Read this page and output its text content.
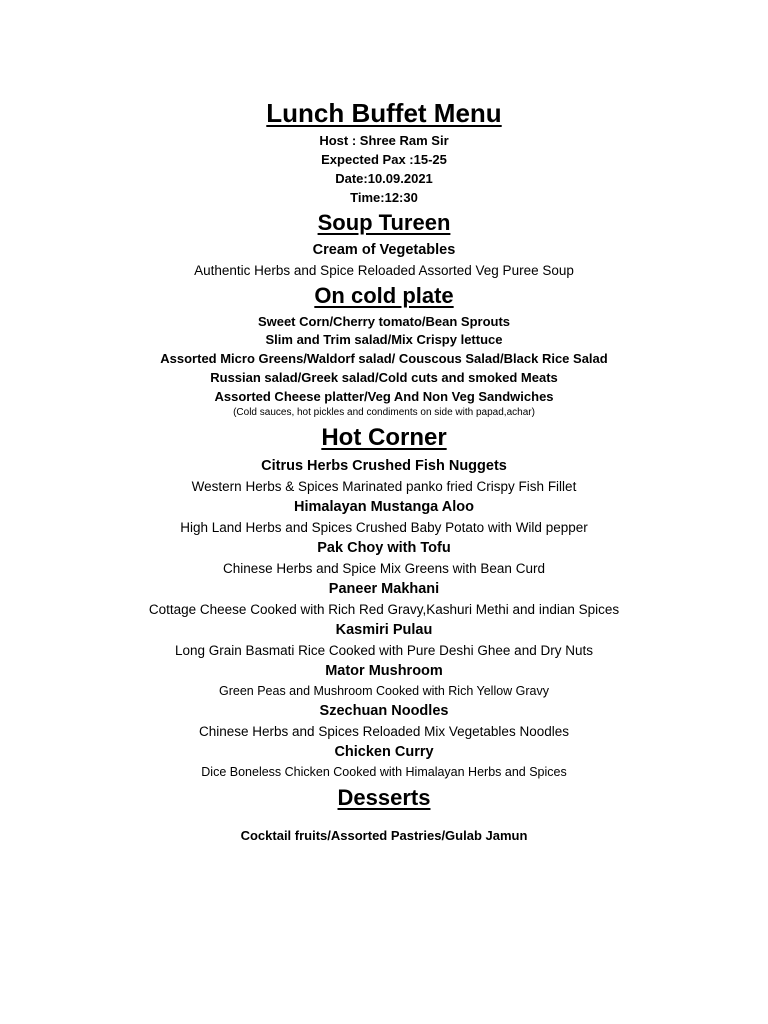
Lunch Buffet Menu
Host : Shree Ram Sir
Expected Pax :15-25
Date:10.09.2021
Time:12:30
Soup Tureen
Cream of Vegetables
Authentic Herbs and Spice Reloaded Assorted Veg Puree Soup
On cold plate
Sweet Corn/Cherry tomato/Bean Sprouts
Slim and Trim salad/Mix Crispy lettuce
Assorted Micro Greens/Waldorf salad/ Couscous Salad/Black Rice Salad
Russian salad/Greek salad/Cold cuts and smoked Meats
Assorted Cheese platter/Veg And Non Veg Sandwiches
(Cold sauces, hot pickles and condiments on side with papad,achar)
Hot Corner
Citrus Herbs Crushed Fish Nuggets
Western Herbs & Spices Marinated panko fried Crispy Fish Fillet
Himalayan Mustanga Aloo
High Land Herbs and Spices Crushed Baby Potato with Wild pepper
Pak Choy with Tofu
Chinese Herbs and Spice Mix Greens with Bean Curd
Paneer Makhani
Cottage Cheese Cooked with Rich Red Gravy,Kashuri Methi and indian Spices
Kasmiri Pulau
Long Grain Basmati Rice Cooked with Pure Deshi Ghee and Dry Nuts
Mator Mushroom
Green Peas and Mushroom Cooked with Rich Yellow Gravy
Szechuan Noodles
Chinese Herbs and Spices Reloaded Mix Vegetables Noodles
Chicken Curry
Dice Boneless Chicken Cooked with Himalayan Herbs and Spices
Desserts
Cocktail fruits/Assorted Pastries/Gulab Jamun
